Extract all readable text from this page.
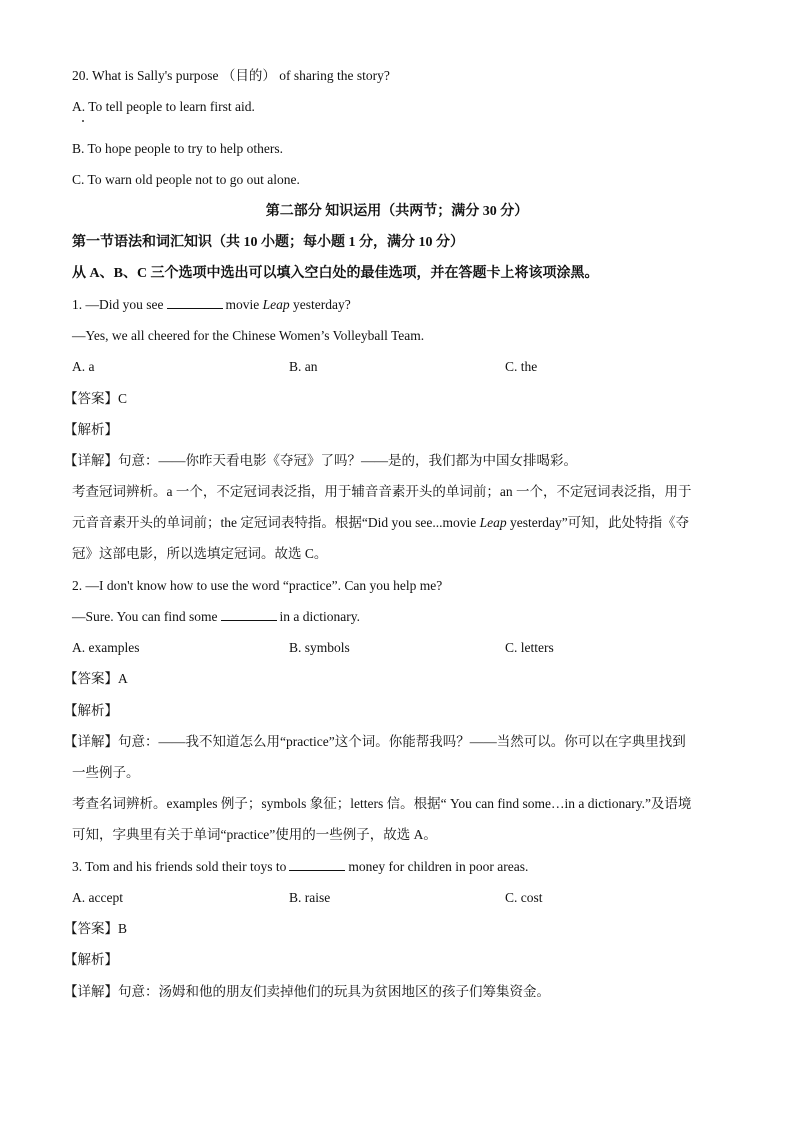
20. What is Sally's purpose （目的） of sharing the story?
A. To tell people to learn first aid.
B. To hope people to try to help others.
C. To warn old people not to go out alone.
第二部分 知识运用（共两节；满分 30 分）
第一节语法和词汇知识（共 10 小题；每小题 1 分，满分 10 分）
从 A、B、C 三个选项中选出可以填入空白处的最佳选项，并在答题卡上将该项涂黑。
1. —Did you see	movie Leap yesterday?
—Yes, we all cheered for the Chinese Women’s Volleyball Team.
A. a	B. an	C. the
【答案】C
【解析】
【详解】句意：——你昨天看电影《夺冠》了吗？——是的，我们都为中国女排喝彩。
考查冠词辨析。a 一个，不定冠词表泛指，用于辅音音素开头的单词前；an 一个，不定冠词表泛指，用于
元音音素开头的单词前；the 定冠词表特指。根据“Did you see...movie Leap yesterday”可知，此处特指《夺
冠》这部电影，所以选填定冠词。故选 C。
2. —I don't know how to use the word “practice”. Can you help me?
—Sure. You can find some	in a dictionary.
A. examples	B. symbols	C. letters
【答案】A
【解析】
【详解】句意：——我不知道怎么用“practice”这个词。你能帮我吗？——当然可以。你可以在字典里找到
一些例子。
考查名词辨析。examples 例子；symbols 象征；letters 信。根据“ You can find some…in a dictionary.”及语境
可知，字典里有关于单词“practice”使用的一些例子，故选 A。
3. Tom and his friends sold their toys to	money for children in poor areas.
A. accept	B. raise	C. cost
【答案】B
【解析】
【详解】句意：汤姆和他的朋友们卖掉他们的玩具为贫困地区的孩子们筹集资金。
